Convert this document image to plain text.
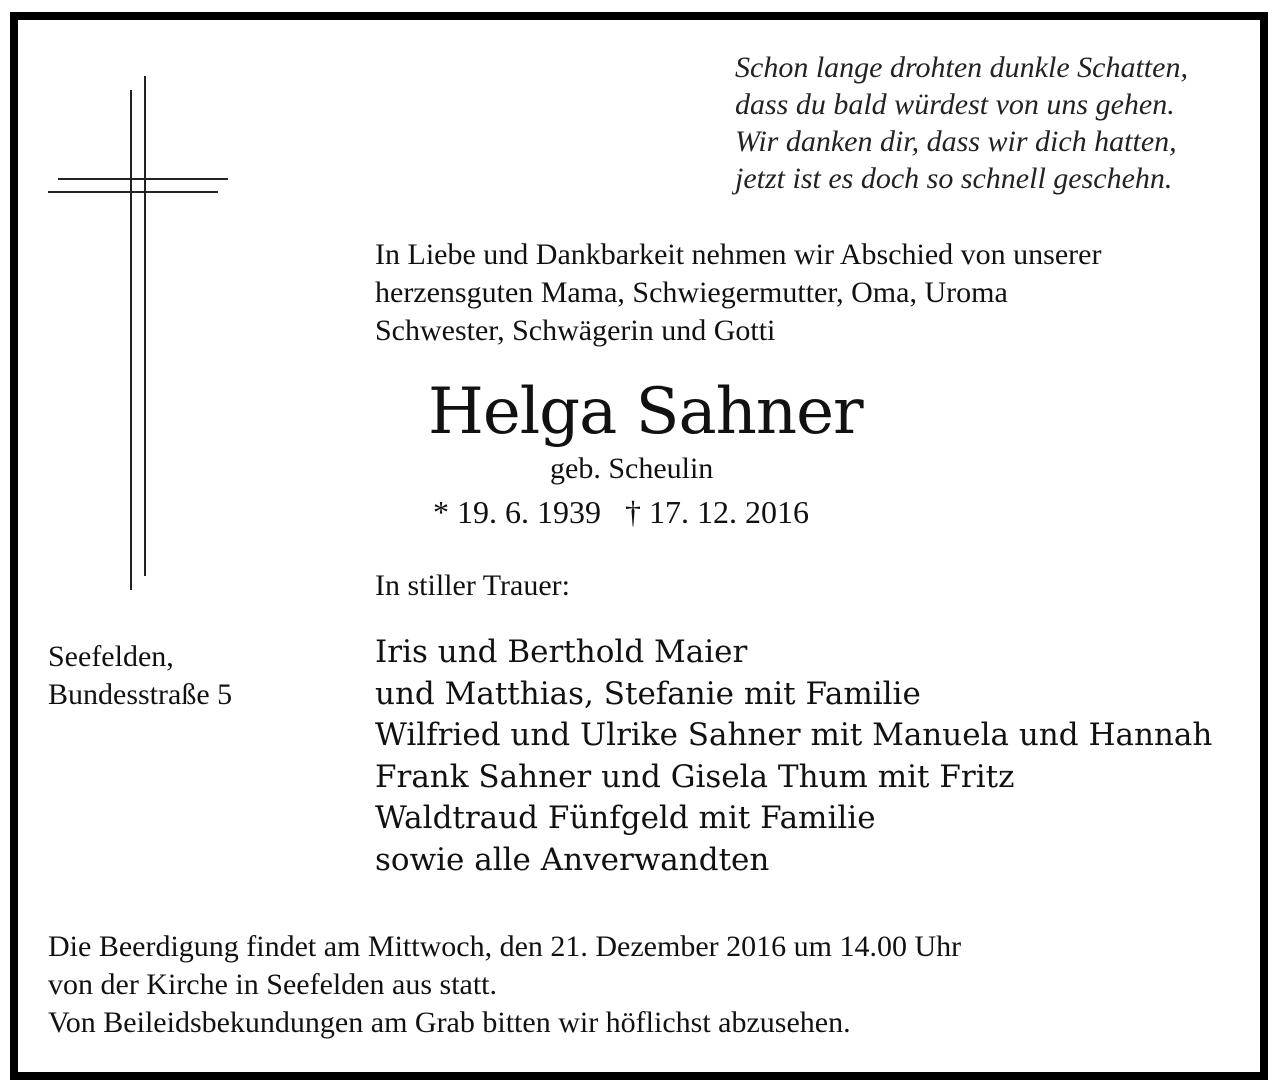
Schon lange drohten dunkle Schatten,
dass du bald würdest von uns gehen.
Wir danken dir, dass wir dich hatten,
jetzt ist es doch so schnell geschehn.
In Liebe und Dankbarkeit nehmen wir Abschied von unserer
herzensguten Mama, Schwiegermutter, Oma, Uroma
Schwester, Schwägerin und Gotti
Helga Sahner
geb. Scheulin
* 19. 6. 1939 † 17. 12. 2016
In stiller Trauer:
Seefelden,
Bundesstraße 5
Iris und Berthold Maier
und Matthias, Stefanie mit Familie
Wilfried und Ulrike Sahner mit Manuela und Hannah
Frank Sahner und Gisela Thum mit Fritz
Waldtraud Fünfgeld mit Familie
sowie alle Anverwandten
Die Beerdigung findet am Mittwoch, den 21. Dezember 2016 um 14.00 Uhr
von der Kirche in Seefelden aus statt.
Von Beileidsbekundungen am Grab bitten wir höflichst abzusehen.
